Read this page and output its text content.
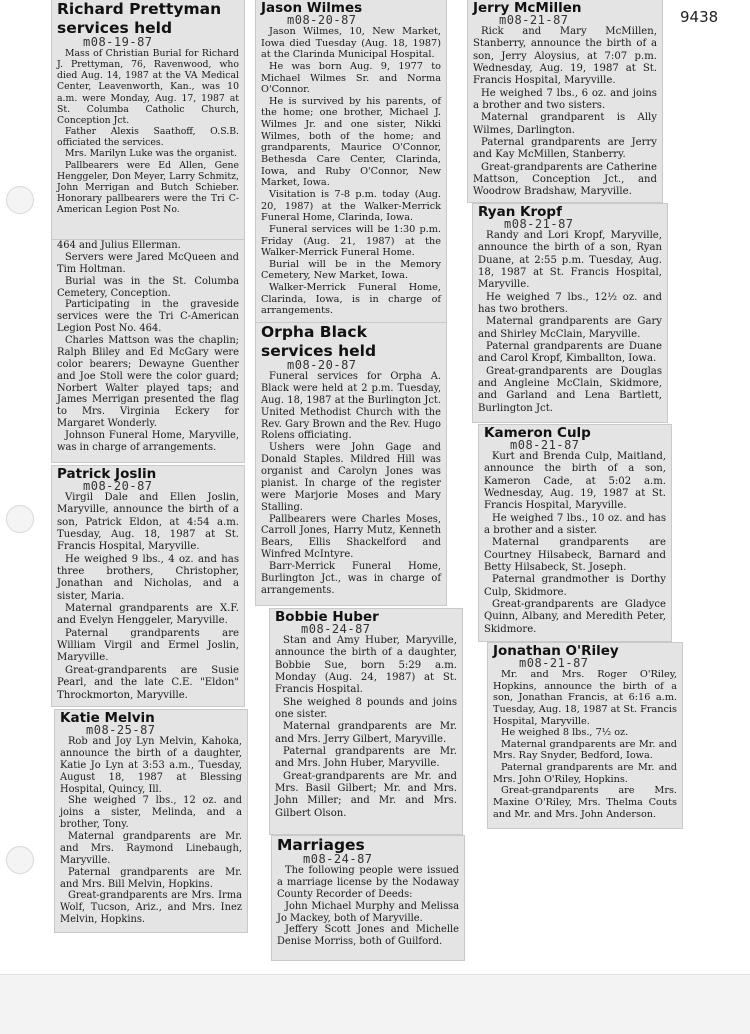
9438
Richard Prettyman
services held
m08-19-87

Mass of Christian Burial for Richard J. Prettyman, 76, Ravenwood, who died Aug. 14, 1987 at the VA Medical Center, Leavenworth, Kan., was 10 a.m. were Monday, Aug. 17, 1987 at St. Columba Catholic Church, Conception Jct.

Father Alexis Saathoff, O.S.B. officiated the services.

Mrs. Marilyn Luke was the organist.

Pallbearers were Ed Allen, Gene Henggeler, Don Meyer, Larry Schmitz, John Merrigan and Butch Schieber. Honorary pallbearers were the Tri C-American Legion Post No.

464 and Julius Ellerman.

Servers were Jared McQueen and Tim Holtman.

Burial was in the St. Columba Cemetery, Conception.

Participating in the graveside services were the Tri C-American Legion Post No. 464.

Charles Mattson was the chaplin; Ralph Bliley and Ed McGary were color bearers; Dewayne Guenther and Joe Stoll were the color guard; Norbert Walter played taps; and James Merrigan presented the flag to Mrs. Virginia Eckery for Margaret Wonderly.

Johnson Funeral Home, Maryville, was in charge of arrangements.

Patrick Joslin
m08-20-87

Virgil Dale and Ellen Joslin, Maryville, announce the birth of a son, Patrick Eldon, at 4:54 a.m. Tuesday, Aug. 18, 1987 at St. Francis Hospital, Maryville.

He weighed 9 lbs., 4 oz. and has three brothers, Christopher, Jonathan and Nicholas, and a sister, Maria.

Maternal grandparents are X.F. and Evelyn Henggeler, Maryville.

Paternal grandparents are William Virgil and Ermel Joslin, Maryville.

Great-grandparents are Susie Pearl, and the late C.E. "Eldon" Throckmorton, Maryville.

Katie Melvin
m08-25-87

Rob and Joy Lyn Melvin, Kahoka, announce the birth of a daughter, Katie Jo Lyn at 3:53 a.m., Tuesday, August 18, 1987 at Blessing Hospital, Quincy, Ill.

She weighed 7 lbs., 12 oz. and joins a sister, Melinda, and a brother, Tony.

Maternal grandparents are Mr. and Mrs. Raymond Linebaugh, Maryville.

Paternal grandparents are Mr. and Mrs. Bill Melvin, Hopkins.

Great-grandparents are Mrs. Irma Wolf, Tucson, Ariz., and Mrs. Inez Melvin, Hopkins.

Jason Wilmes
m08-20-87

Jason Wilmes, 10, New Market, Iowa died Tuesday (Aug. 18, 1987) at the Clarinda Municipal Hospital.

He was born Aug. 9, 1977 to Michael Wilmes Sr. and Norma O'Connor.

He is survived by his parents, of the home; one brother, Michael J. Wilmes Jr. and one sister, Nikki Wilmes, both of the home; and grandparents, Maurice O'Connor, Bethesda Care Center, Clarinda, Iowa, and Ruby O'Connor, New Market, Iowa.

Visitation is 7-8 p.m. today (Aug. 20, 1987) at the Walker-Merrick Funeral Home, Clarinda, Iowa.

Funeral services will be 1:30 p.m. Friday (Aug. 21, 1987) at the Walker-Merrick Funeral Home.

Burial will be in the Memory Cemetery, New Market, Iowa.

Walker-Merrick Funeral Home, Clarinda, Iowa, is in charge of arrangements.

Orpha Black
services held
m08-20-87

Funeral services for Orpha A. Black were held at 2 p.m. Tuesday, Aug. 18, 1987 at the Burlington Jct. United Methodist Church with the Rev. Gary Brown and the Rev. Hugo Rolens officiating.

Ushers were John Gage and Donald Staples. Mildred Hill was organist and Carolyn Jones was pianist. In charge of the register were Marjorie Moses and Mary Stalling.

Pallbearers were Charles Moses, Carroll Jones, Harry Mutz, Kenneth Bears, Ellis Shackelford and Winfred McIntyre.

Barr-Merrick Funeral Home, Burlington Jct., was in charge of arrangements.

Bobbie Huber
m08-24-87

Stan and Amy Huber, Maryville, announce the birth of a daughter, Bobbie Sue, born 5:29 a.m. Monday (Aug. 24, 1987) at St. Francis Hospital.

She weighed 8 pounds and joins one sister.

Maternal grandparents are Mr. and Mrs. Jerry Gilbert, Maryville.

Paternal grandparents are Mr. and Mrs. John Huber, Maryville.

Great-grandparents are Mr. and Mrs. Basil Gilbert; Mr. and Mrs. John Miller; and Mr. and Mrs. Gilbert Olson.

Marriages
m08-24-87

The following people were issued a marriage license by the Nodaway County Recorder of Deeds:

John Michael Murphy and Melissa Jo Mackey, both of Maryville.

Jeffery Scott Jones and Michelle Denise Morriss, both of Guilford.

Jerry McMillen
m08-21-87

Rick and Mary McMillen, Stanberry, announce the birth of a son, Jerry Aloysius, at 7:07 p.m. Wednesday, Aug. 19, 1987 at St. Francis Hospital, Maryville.

He weighed 7 lbs., 6 oz. and joins a brother and two sisters.

Maternal grandparent is Ally Wilmes, Darlington.

Paternal grandparents are Jerry and Kay McMillen, Stanberry.

Great-grandparents are Catherine Mattson, Conception Jct., and Woodrow Bradshaw, Maryville.

Ryan Kropf
m08-21-87

Randy and Lori Kropf, Maryville, announce the birth of a son, Ryan Duane, at 2:55 p.m. Tuesday, Aug. 18, 1987 at St. Francis Hospital, Maryville.

He weighed 7 lbs., 12½ oz. and has two brothers.

Maternal grandparents are Gary and Shirley McClain, Maryville.

Paternal grandparents are Duane and Carol Kropf, Kimballton, Iowa.

Great-grandparents are Douglas and Angleine McClain, Skidmore, and Garland and Lena Bartlett, Burlington Jct.

Kameron Culp
m08-21-87

Kurt and Brenda Culp, Maitland, announce the birth of a son, Kameron Cade, at 5:02 a.m. Wednesday, Aug. 19, 1987 at St. Francis Hospital, Maryville.

He weighed 7 lbs., 10 oz. and has a brother and a sister.

Maternal grandparents are Courtney Hilsabeck, Barnard and Betty Hilsabeck, St. Joseph.

Paternal grandmother is Dorthy Culp, Skidmore.

Great-grandparents are Gladyce Quinn, Albany, and Meredith Peter, Skidmore.

Jonathan O'Riley
m08-21-87

Mr. and Mrs. Roger O'Riley, Hopkins, announce the birth of a son, Jonathan Francis, at 6:16 a.m. Tuesday, Aug. 18, 1987 at St. Francis Hospital, Maryville.

He weighed 8 lbs., 7½ oz.

Maternal grandparents are Mr. and Mrs. Ray Snyder, Bedford, Iowa.

Paternal grandparents are Mr. and Mrs. John O'Riley, Hopkins.

Great-grandparents are Mrs. Maxine O'Riley, Mrs. Thelma Couts and Mr. and Mrs. John Anderson.
